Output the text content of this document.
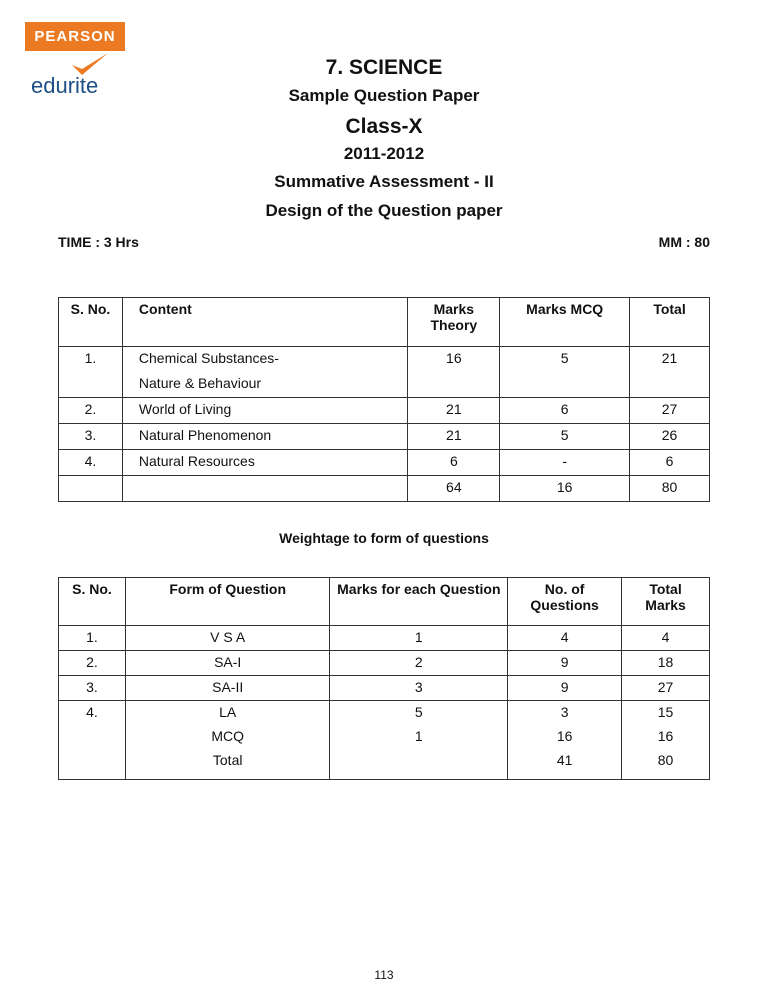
PEARSON
edurite
7. SCIENCE
Sample Question Paper
Class-X
2011-2012
Summative Assessment - II
Design of the Question paper
TIME : 3 Hrs	MM : 80
S. No.	Content	Marks Theory	Marks MCQ	Total
1.	Chemical Substances-	16	5	21
	Nature & Behaviour			
2.	World of Living	21	6	27
3.	Natural Phenomenon	21	5	26
4.	Natural Resources	6	-	6
		64	16	80
Weightage to form of questions
S. No.	Form of Question	Marks for each Question	No. of Questions	Total Marks
1.	V S A	1	4	4
2.	SA-I	2	9	18
3.	SA-II	3	9	27
4.	LA	5	3	15
	MCQ	1	16	16
	Total		41	80
113
